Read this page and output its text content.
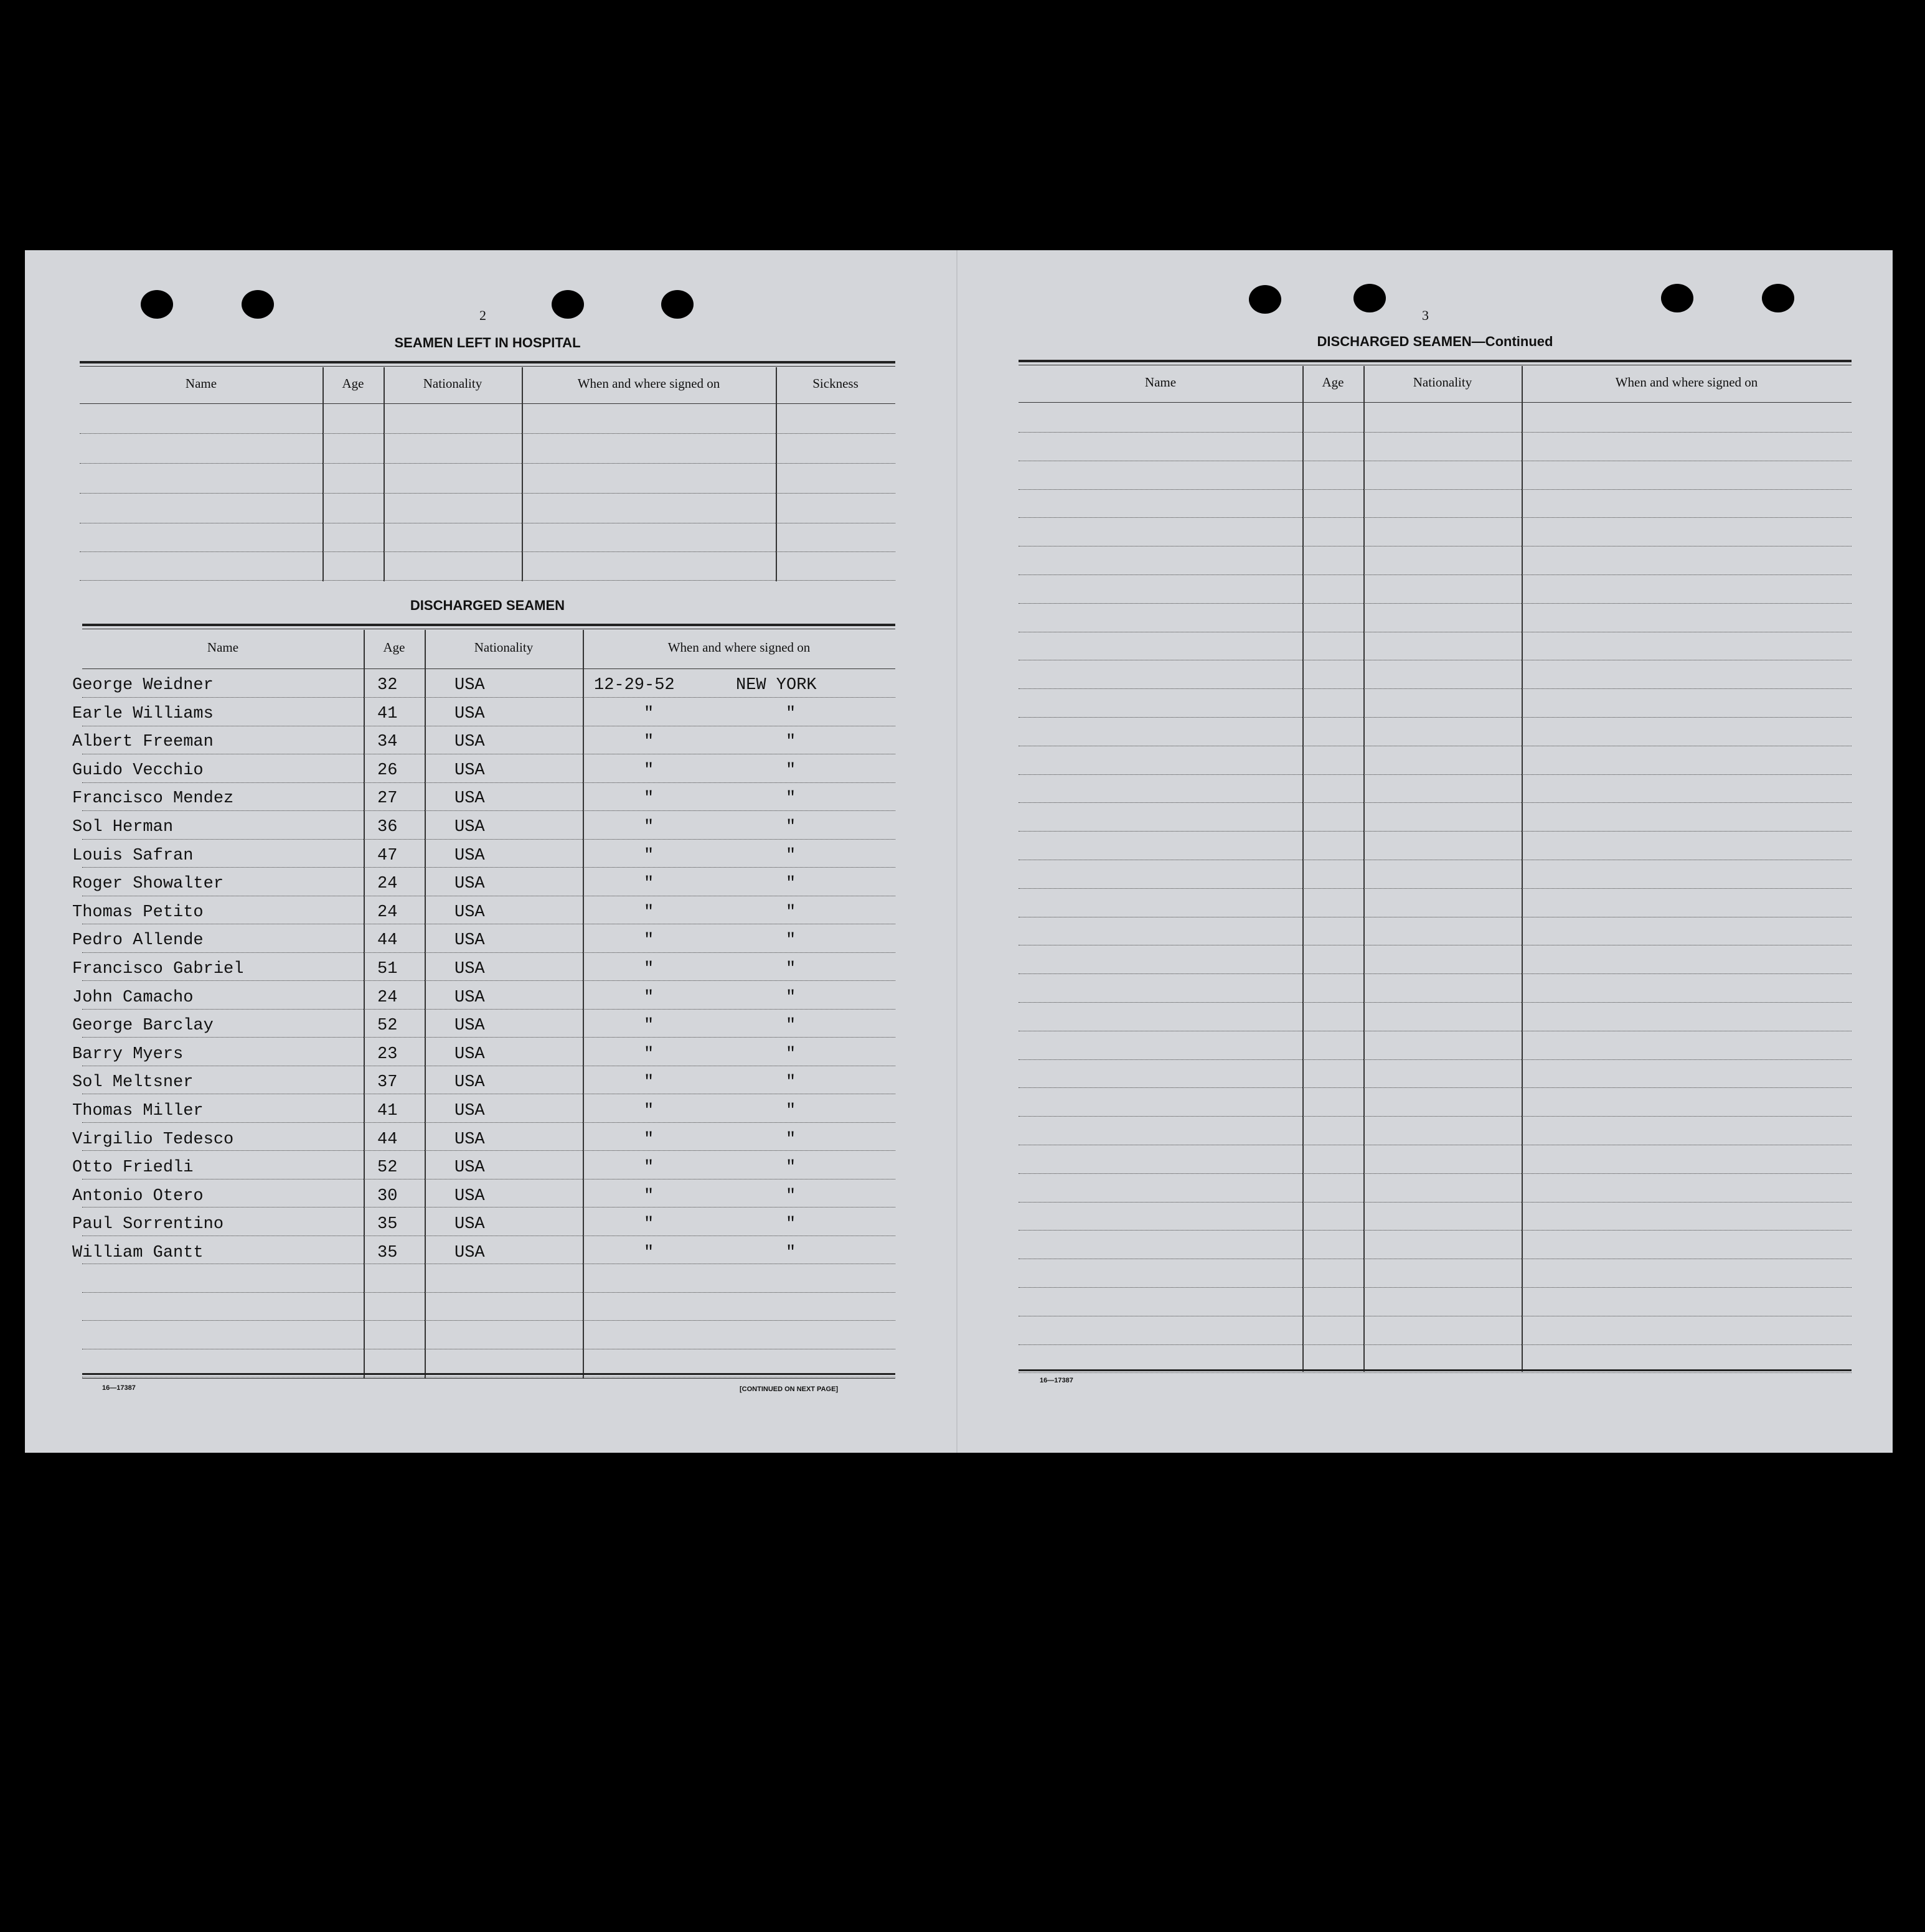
2
SEAMEN LEFT IN HOSPITAL
Name	Age	Nationality	When and where signed on	Sickness
DISCHARGED SEAMEN
Name	Age	Nationality	When and where signed on
George Weidner	32	USA	12-29-52	NEW YORK
Earle Williams	41	USA	"	"
Albert Freeman	34	USA	"	"
Guido Vecchio	26	USA	"	"
Francisco Mendez	27	USA	"	"
Sol Herman	36	USA	"	"
Louis Safran	47	USA	"	"
Roger Showalter	24	USA	"	"
Thomas Petito	24	USA	"	"
Pedro Allende	44	USA	"	"
Francisco Gabriel	51	USA	"	"
John Camacho	24	USA	"	"
George Barclay	52	USA	"	"
Barry Myers	23	USA	"	"
Sol Meltsner	37	USA	"	"
Thomas Miller	41	USA	"	"
Virgilio Tedesco	44	USA	"	"
Otto Friedli	52	USA	"	"
Antonio Otero	30	USA	"	"
Paul Sorrentino	35	USA	"	"
William Gantt	35	USA	"	"
16—17387	[CONTINUED ON NEXT PAGE]
3
DISCHARGED SEAMEN—Continued
Name	Age	Nationality	When and where signed on
16—17387
